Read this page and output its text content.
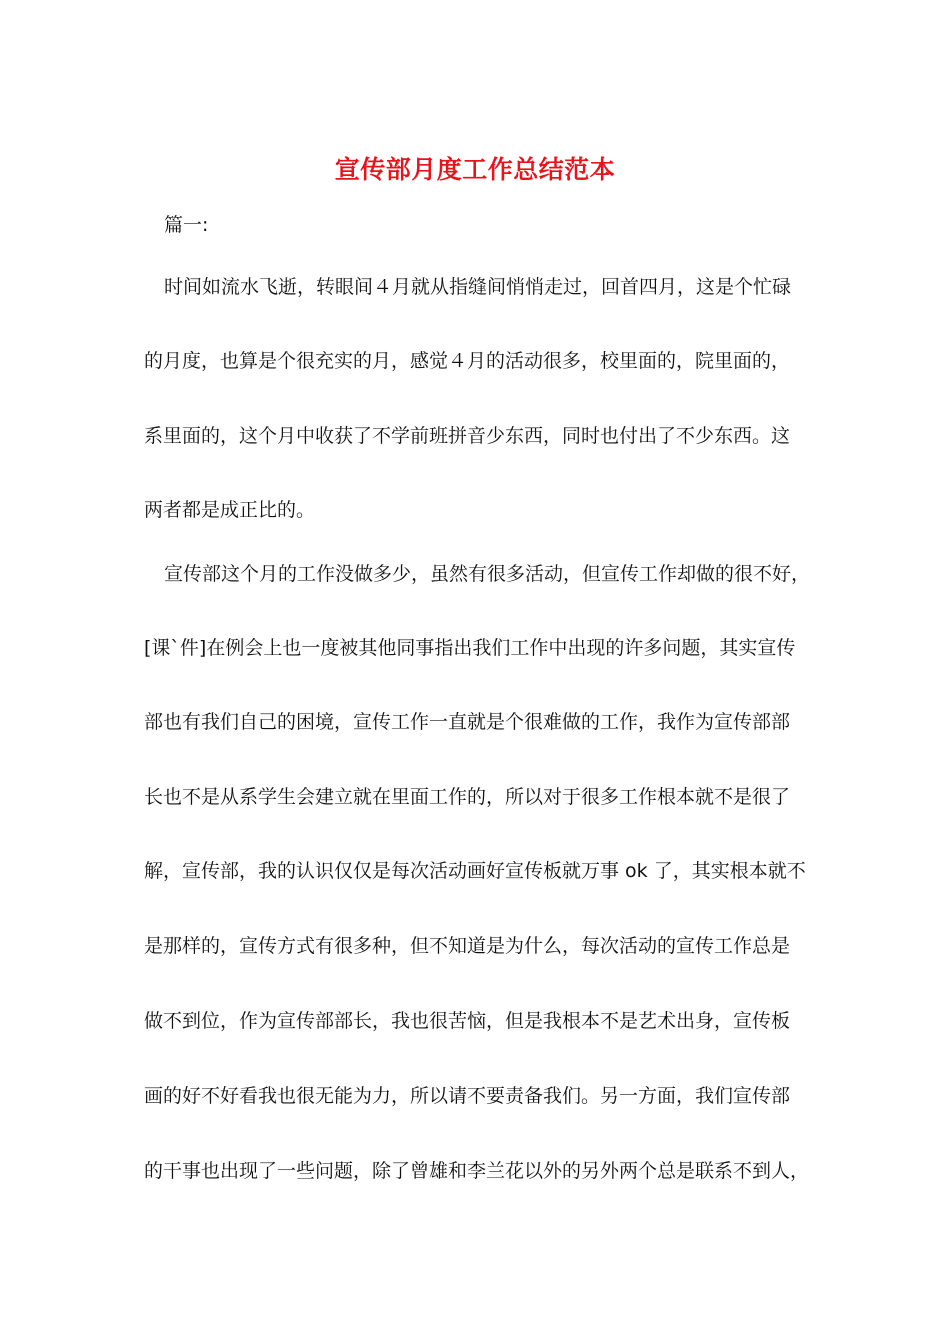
宣传部月度工作总结范本
篇一:
时间如流水飞逝，转眼间４月就从指缝间悄悄走过，回首四月，这是个忙碌
的月度，也算是个很充实的月，感觉４月的活动很多，校里面的，院里面的，
系里面的，这个月中收获了不学前班拼音少东西，同时也付出了不少东西。这
两者都是成正比的。
宣传部这个月的工作没做多少，虽然有很多活动，但宣传工作却做的很不好，
[课`件]在例会上也一度被其他同事指出我们工作中出现的许多问题，其实宣传
部也有我们自己的困境，宣传工作一直就是个很难做的工作，我作为宣传部部
长也不是从系学生会建立就在里面工作的，所以对于很多工作根本就不是很了
解，宣传部，我的认识仅仅是每次活动画好宣传板就万事 ok 了，其实根本就不
是那样的，宣传方式有很多种，但不知道是为什么，每次活动的宣传工作总是
做不到位，作为宣传部部长，我也很苦恼，但是我根本不是艺术出身，宣传板
画的好不好看我也很无能为力，所以请不要责备我们。另一方面，我们宣传部
的干事也出现了一些问题，除了曾雄和李兰花以外的另外两个总是联系不到人，
